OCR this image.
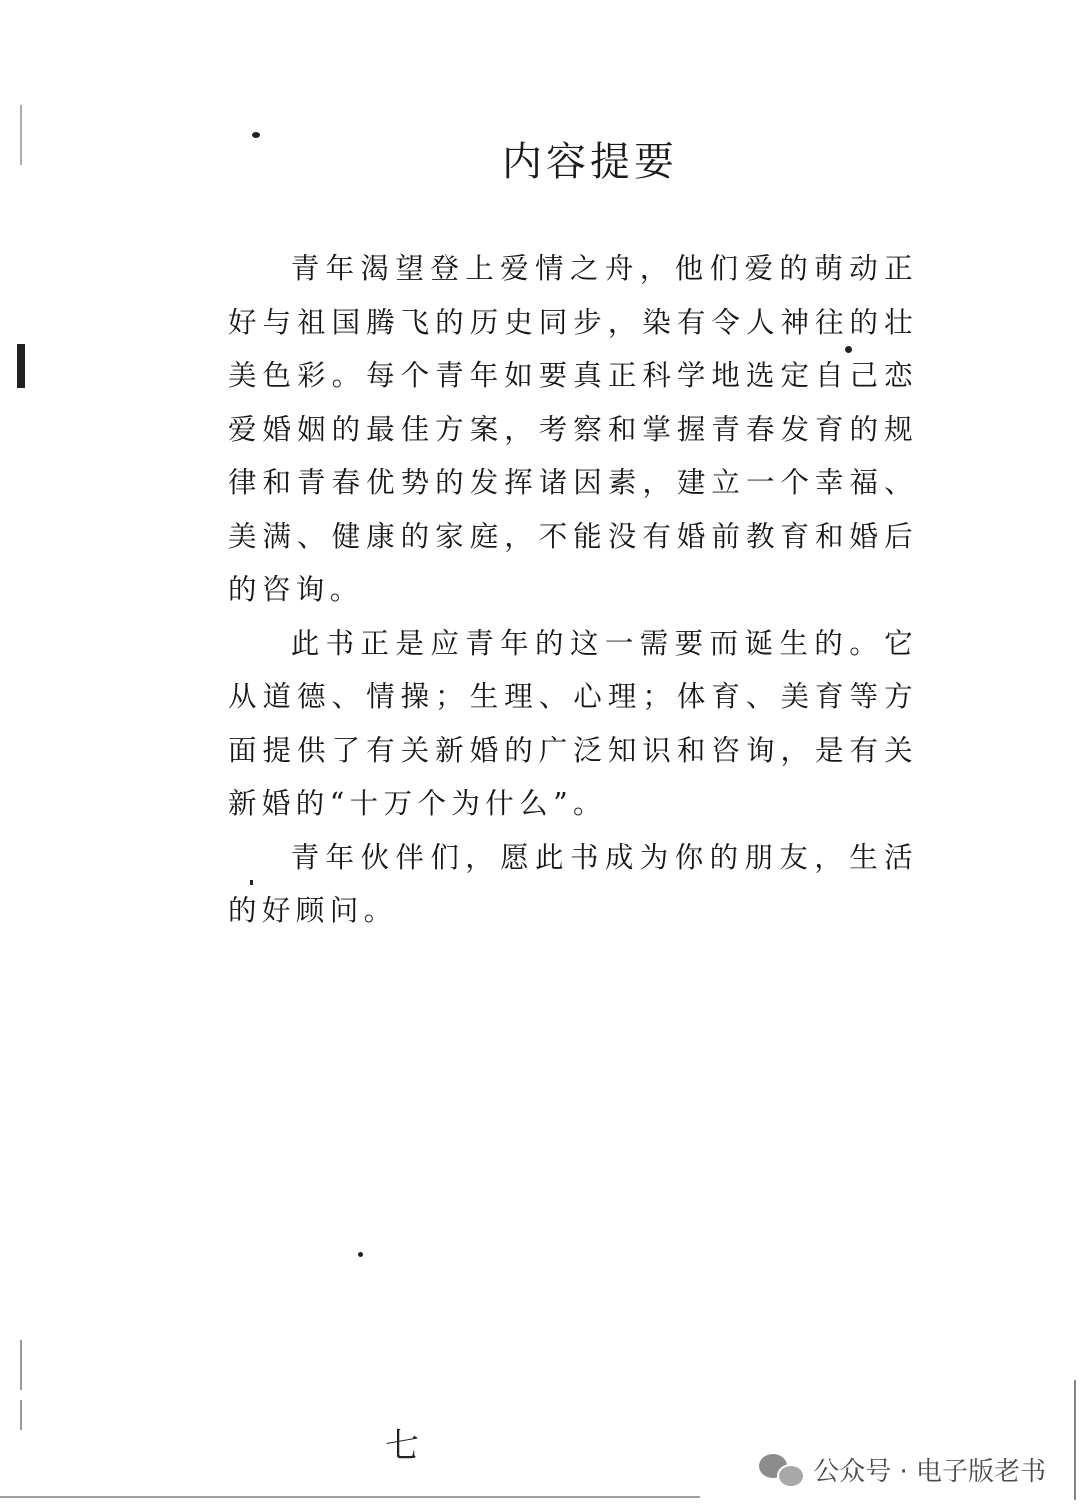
内容提要

青年渴望登上爱情之舟，他们爱的萌动正好与祖国腾飞的历史同步，染有令人神往的壮美色彩。每个青年如要真正科学地选定自己恋爱婚姻的最佳方案，考察和掌握青春发育的规律和青春优势的发挥诸因素，建立一个幸福、美满、健康的家庭，不能没有婚前教育和婚后的咨询。

此书正是应青年的这一需要而诞生的。它从道德、情操；生理、心理；体育、美育等方面提供了有关新婚的广泛知识和咨询，是有关新婚的“十万个为什么”。

青年伙伴们，愿此书成为你的朋友，生活的好顾问。

七
公众号 · 电子版老书
